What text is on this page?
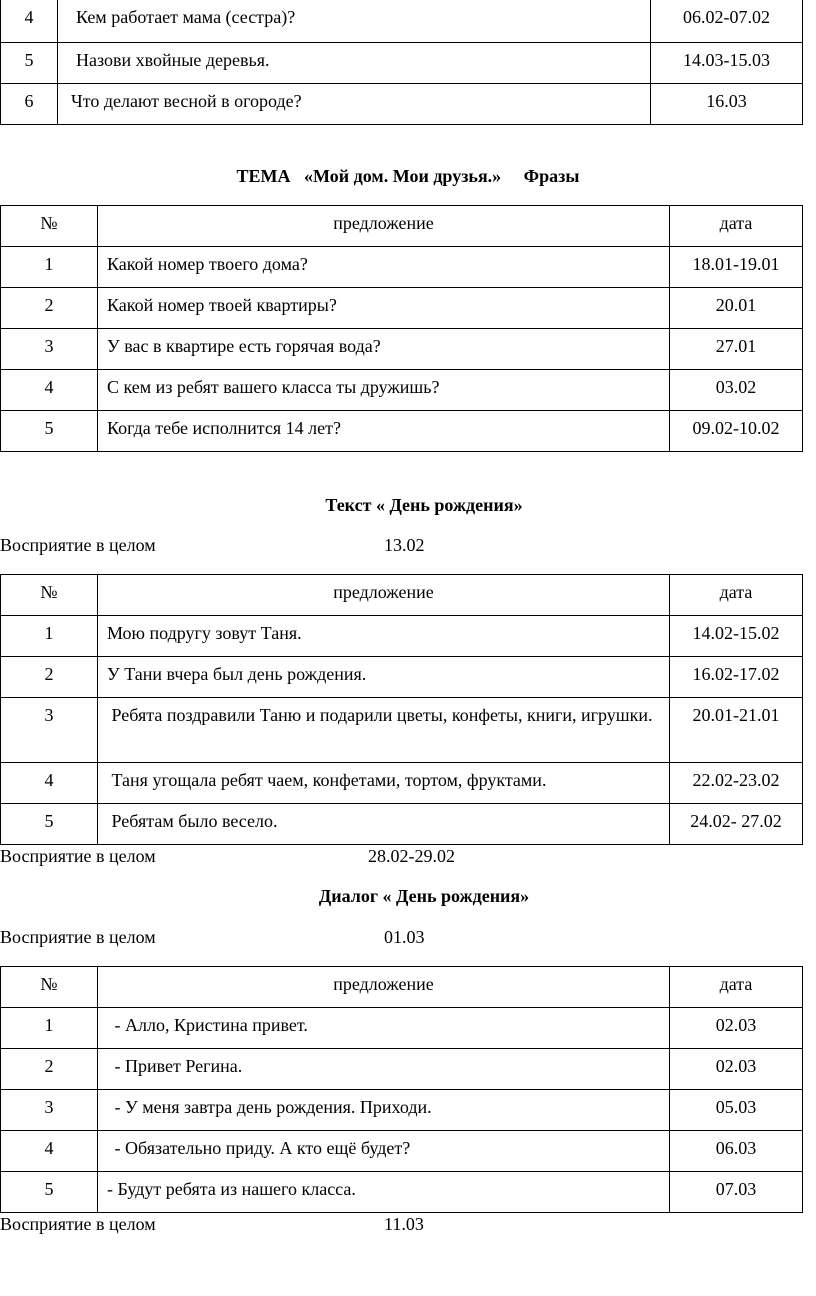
4	Кем работает мама (сестра)?	06.02-07.02
5	Назови хвойные деревья.	14.03-15.03
6	Что делают весной в огороде?	16.03
ТЕМА   «Мой дом. Мои друзья.»     Фразы
№	предложение	дата
1	Какой номер твоего дома?	18.01-19.01
2	Какой номер твоей квартиры?	20.01
3	У вас в квартире есть горячая вода?	27.01
4	С кем из ребят вашего класса ты дружишь?	03.02
5	Когда тебе исполнится 14 лет?	09.02-10.02
Текст « День рождения»
Восприятие в целом	13.02
№	предложение	дата
1	Мою подругу зовут Таня.	14.02-15.02
2	У Тани вчера был день рождения.	16.02-17.02
3	Ребята поздравили Таню и подарили цветы, конфеты, книги, игрушки.	20.01-21.01
4	Таня угощала ребят чаем, конфетами, тортом, фруктами.	22.02-23.02
5	Ребятам было весело.	24.02- 27.02
Восприятие в целом	28.02-29.02
Диалог « День рождения»
Восприятие в целом	01.03
№	предложение	дата
1	- Алло, Кристина привет.	02.03
2	- Привет Регина.	02.03
3	- У меня завтра день рождения. Приходи.	05.03
4	- Обязательно приду. А кто ещё будет?	06.03
5	- Будут ребята из нашего класса.	07.03
Восприятие в целом	11.03
